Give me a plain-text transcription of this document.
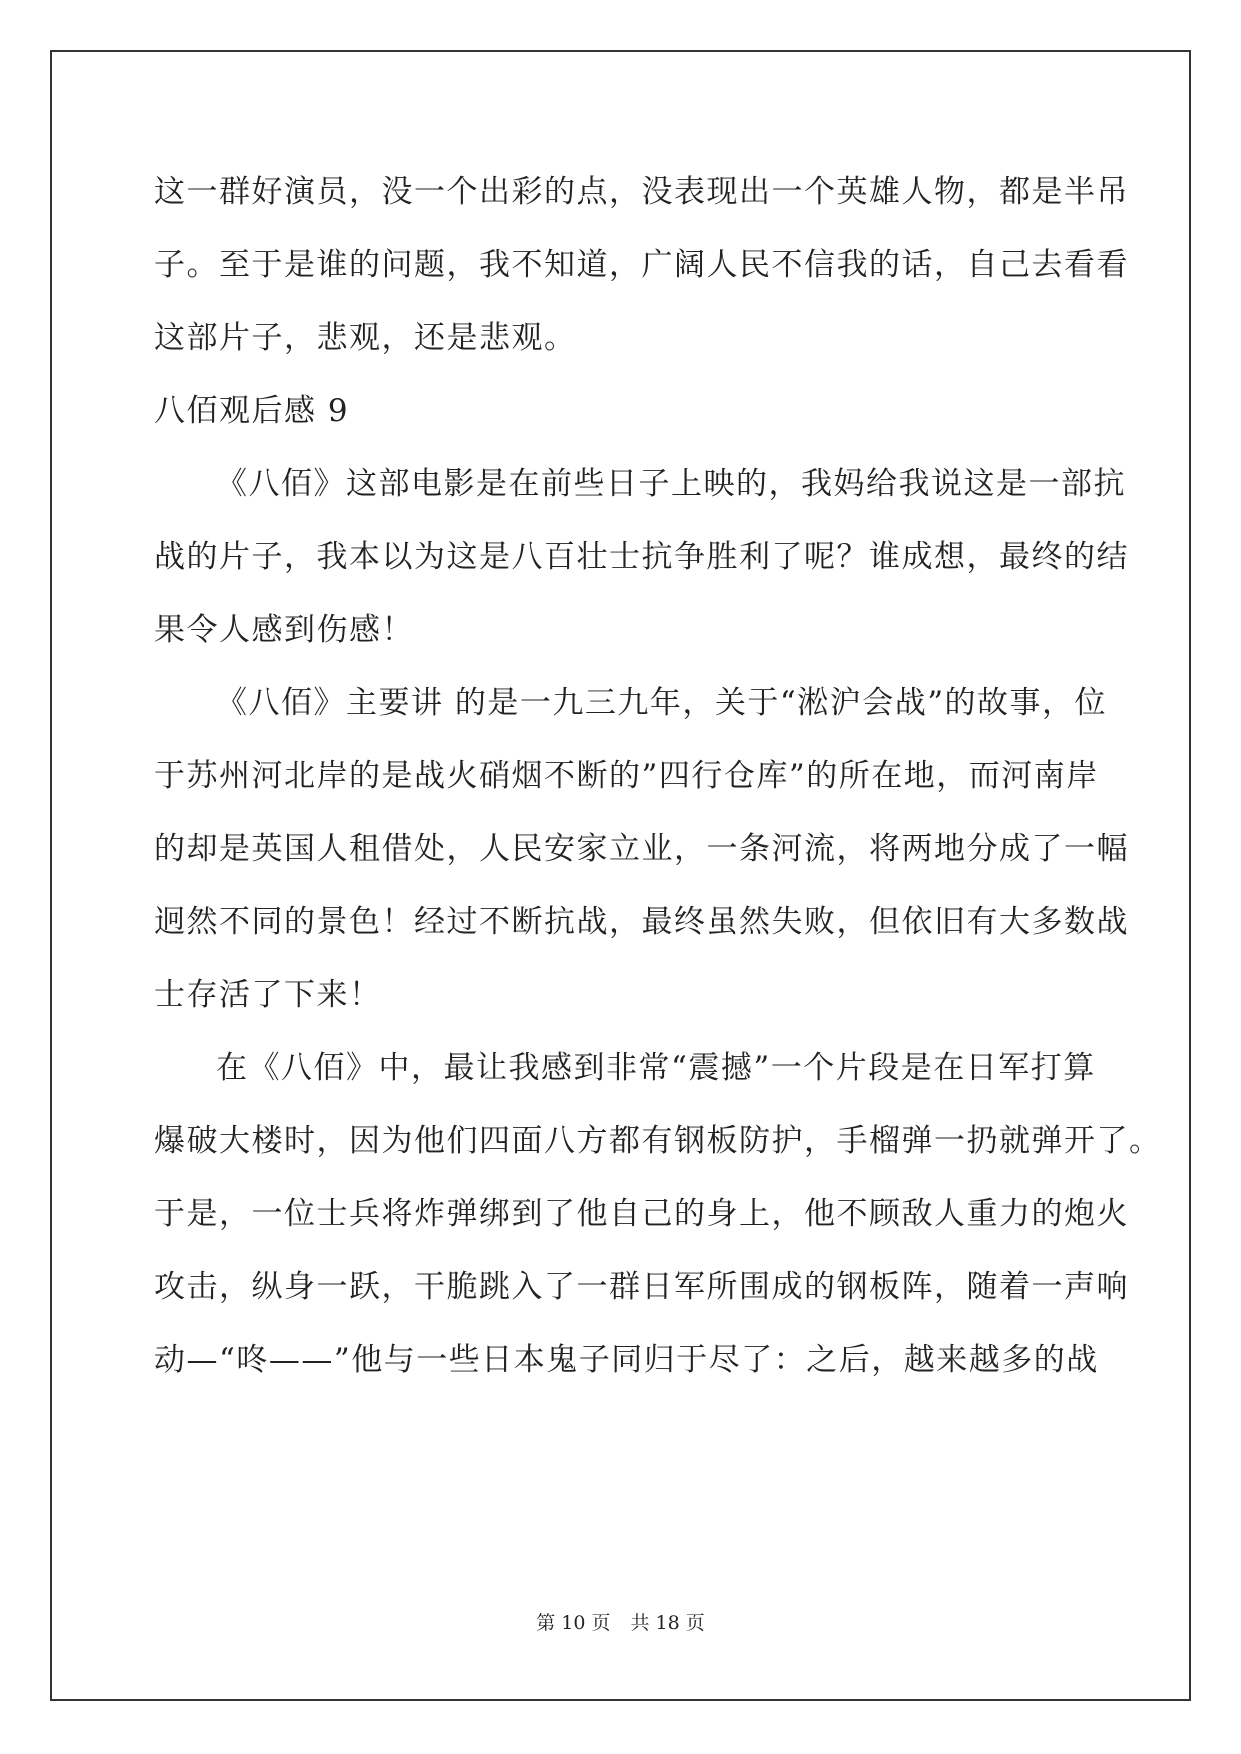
这一群好演员，没一个出彩的点，没表现出一个英雄人物，都是半吊
子。至于是谁的问题，我不知道，广阔人民不信我的话，自己去看看
这部片子，悲观，还是悲观。
八佰观后感 9
《八佰》这部电影是在前些日子上映的，我妈给我说这是一部抗
战的片子，我本以为这是八百壮士抗争胜利了呢？谁成想，最终的结
果令人感到伤感！
《八佰》主要讲 的是一九三九年，关于“淞沪会战”的故事，位
于苏州河北岸的是战火硝烟不断的”四行仓库”的所在地，而河南岸
的却是英国人租借处，人民安家立业，一条河流，将两地分成了一幅
迥然不同的景色！经过不断抗战，最终虽然失败，但依旧有大多数战
士存活了下来！
在《八佰》中，最让我感到非常“震撼”一个片段是在日军打算
爆破大楼时，因为他们四面八方都有钢板防护，手榴弹一扔就弹开了。
于是，一位士兵将炸弹绑到了他自己的身上，他不顾敌人重力的炮火
攻击，纵身一跃，干脆跳入了一群日军所围成的钢板阵，随着一声响
动—“咚——”他与一些日本鬼子同归于尽了：之后，越来越多的战
第 10 页 共 18 页
